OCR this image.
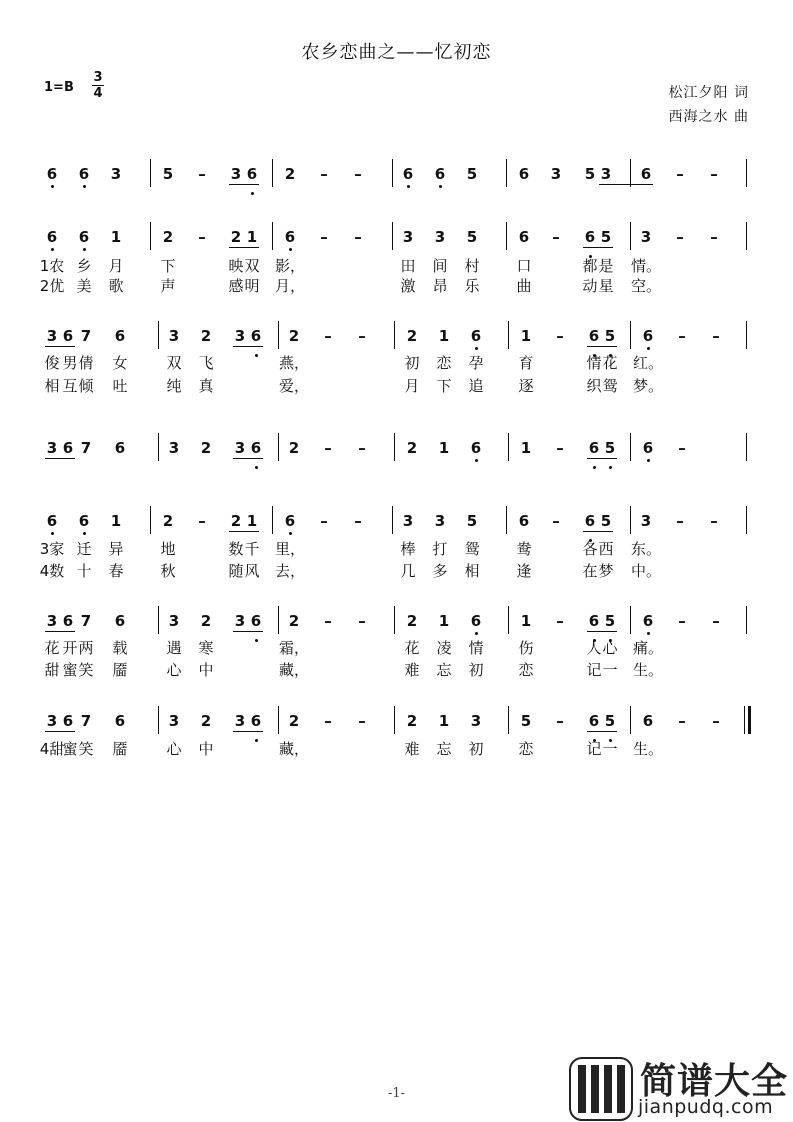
农乡恋曲之——忆初恋
1=B
3
4	松江夕阳 词
西海之水 曲
6 6 3	5 – 3 6 2 – –	6 6 5	6 3 5 3 6 – –
6 6 1	2 – 2 1 6 – –	3 3 5	6 – 6 5 3 – –
1农 乡 月 下	映 双 影，	田 间 村 口	都 是 情。
2优 美 歌 声	感 明 月，	激 昂 乐 曲	动 星 空。
3 6 7 6	3 2 3 6 2 – –	2 1 6	1 – 6 5 6 – –
俊 男 倩 女	双 飞	燕，	初 恋 孕 育	情 花 红。
相 互 倾 吐	纯 真	爱，	月 下 追 逐	织 鸳 梦。
3 6 7 6	3 2 3 6 2 – –	2 1 6	1 – 6 5 6 –
6 6 1	2 – 2 1 6 – –	3 3 5	6 – 6 5 3 – –
3家 迁 异 地	数 千 里，	棒 打 鸳 鸯	各 西 东。
4数 十 春 秋	随 风 去，	几 多 相 逢	在 梦 中。
3 6 7 6	3 2 3 6 2 – –	2 1 6	1 – 6 5 6 – –
花 开 两 载	遇 寒	霜，	花 凌 情 伤	人 心 痛。
甜 蜜 笑 靥	心 中	藏，	难 忘 初 恋	记 一 生。
3 6 7 6	3 2 3 6 2 – –	2 1 3	5 – 6 5 6 – –
4甜
蜜 笑 靥	心 中	藏，	难 忘 初 恋	记 一 生。
-1-	简谱大全
jianpudq.com
